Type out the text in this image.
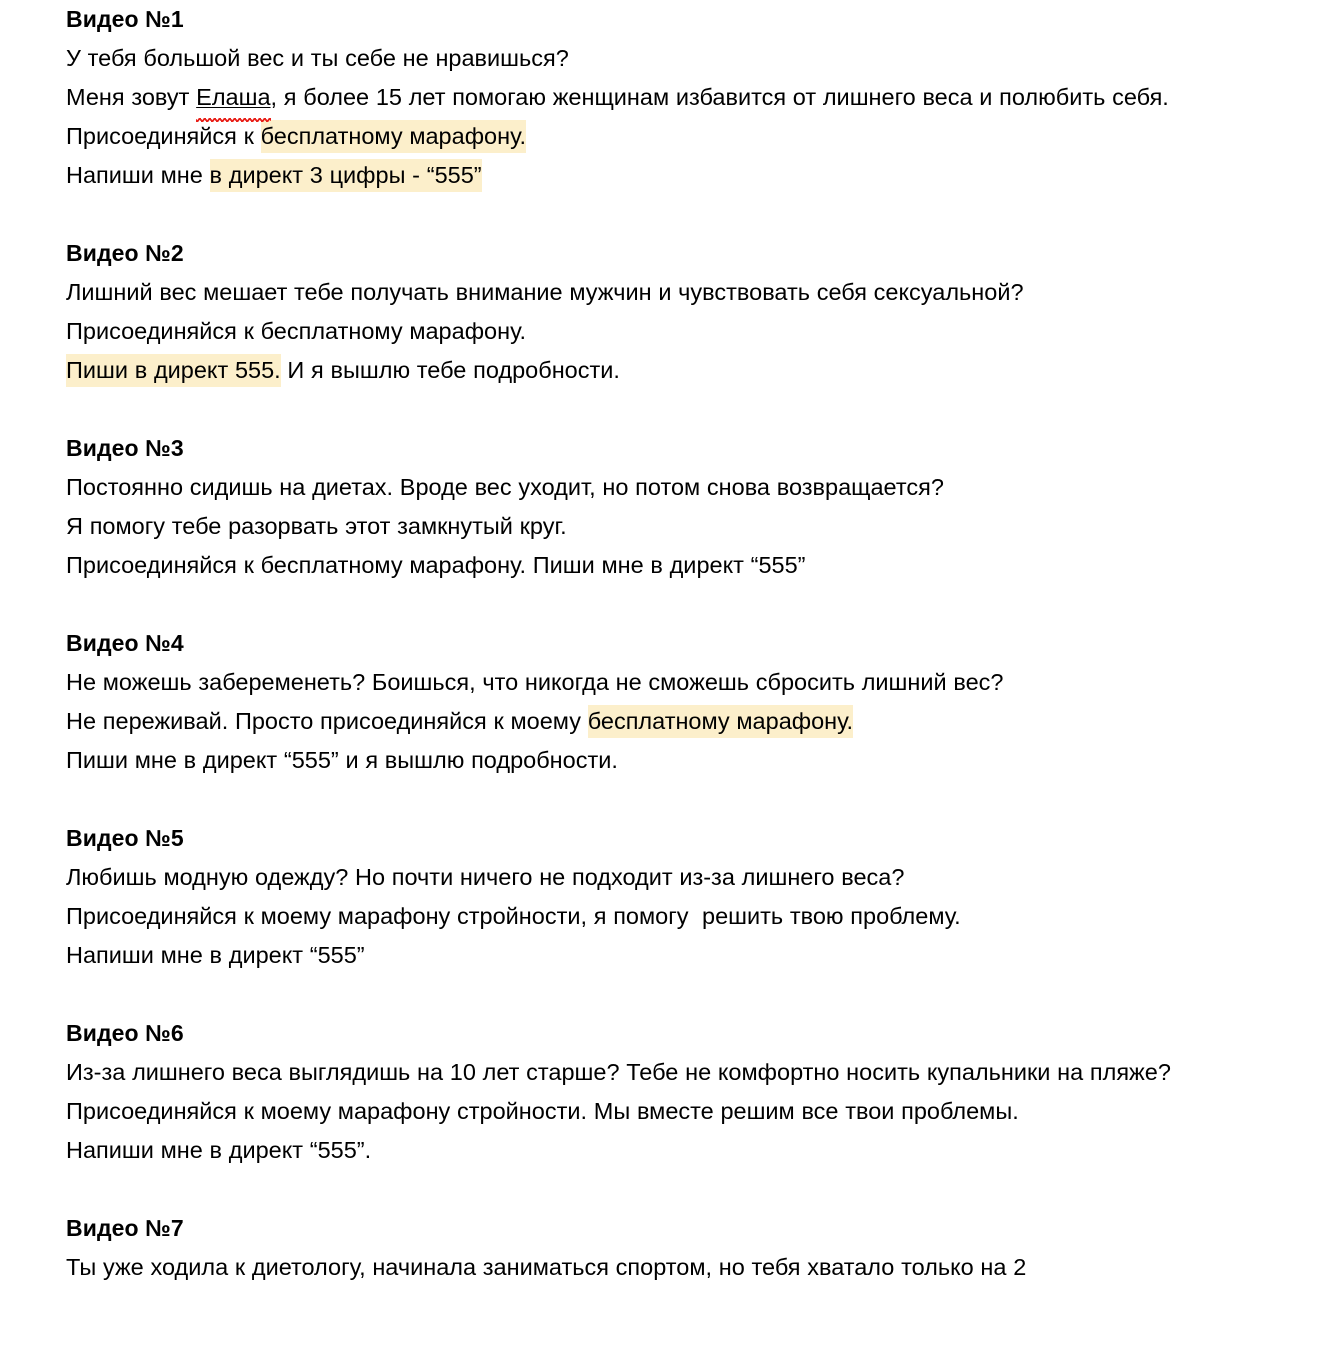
Видео №1
У тебя большой вес и ты себе не нравишься?
Меня зовут Елаша, я более 15 лет помогаю женщинам избавится от лишнего веса и полюбить себя.
Присоединяйся к бесплатному марафону.
Напиши мне в директ 3 цифры - “555”
Видео №2
Лишний вес мешает тебе получать внимание мужчин и чувствовать себя сексуальной?
Присоединяйся к бесплатному марафону.
Пиши в директ 555. И я вышлю тебе подробности.
Видео №3
Постоянно сидишь на диетах. Вроде вес уходит, но потом снова возвращается?
Я помогу тебе разорвать этот замкнутый круг.
Присоединяйся к бесплатному марафону. Пиши мне в директ “555”
Видео №4
Не можешь забеременеть? Боишься, что никогда не сможешь сбросить лишний вес?
Не переживай. Просто присоединяйся к моему бесплатному марафону.
Пиши мне в директ “555” и я вышлю подробности.
Видео №5
Любишь модную одежду? Но почти ничего не подходит из-за лишнего веса?
Присоединяйся к моему марафону стройности, я помогу  решить твою проблему.
Напиши мне в директ “555”
Видео №6
Из-за лишнего веса выглядишь на 10 лет старше? Тебе не комфортно носить купальники на пляже?
Присоединяйся к моему марафону стройности. Мы вместе решим все твои проблемы.
Напиши мне в директ “555”.
Видео №7
Ты уже ходила к диетологу, начинала заниматься спортом, но тебя хватало только на 2
